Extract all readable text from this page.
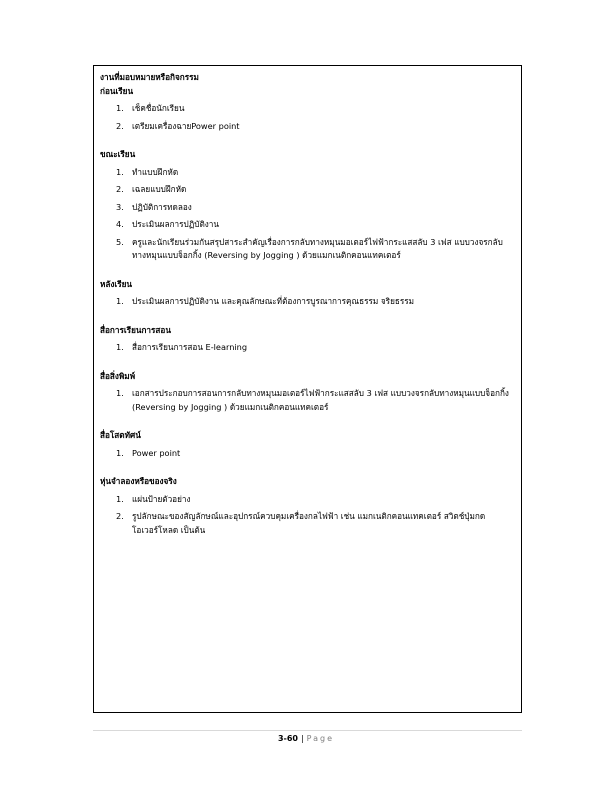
งานที่มอบหมายหรือกิจกรรม
ก่อนเรียน
1. เช็คชื่อนักเรียน
2. เตรียมเครื่องฉายPower point
ขณะเรียน
1. ทำแบบฝึกหัด
2. เฉลยแบบฝึกหัด
3. ปฏิบัติการทดลอง
4. ประเมินผลการปฏิบัติงาน
5. ครูและนักเรียนร่วมกันสรุปสาระสำคัญเรื่องการกลับทางหมุนมอเตอร์ไฟฟ้ากระแสสลับ 3 เฟส แบบวงจรกลับทางหมุนแบบจ็อกกิ้ง (Reversing by Jogging ) ด้วยแมกเนติกคอนแทคเตอร์
หลังเรียน
1. ประเมินผลการปฏิบัติงาน และคุณลักษณะที่ต้องการบูรณาการคุณธรรม จริยธรรม
สื่อการเรียนการสอน
1. สื่อการเรียนการสอน E-learning
สื่อสิ่งพิมพ์
1. เอกสารประกอบการสอนการกลับทางหมุนมอเตอร์ไฟฟ้ากระแสสลับ 3 เฟส แบบวงจรกลับทางหมุนแบบจ็อกกิ้ง (Reversing by Jogging ) ด้วยแมกเนติกคอนแทคเตอร์
สื่อโสตทัศน์
1. Power point
หุ่นจำลองหรือของจริง
1. แผ่นป้ายตัวอย่าง
2. รูปลักษณะของสัญลักษณ์และอุปกรณ์ควบคุมเครื่องกลไฟฟ้า เช่น แมกเนติกคอนแทคเตอร์ สวิตช์ปุ่มกด โอเวอร์โหลด เป็นต้น
3-60 | Page
